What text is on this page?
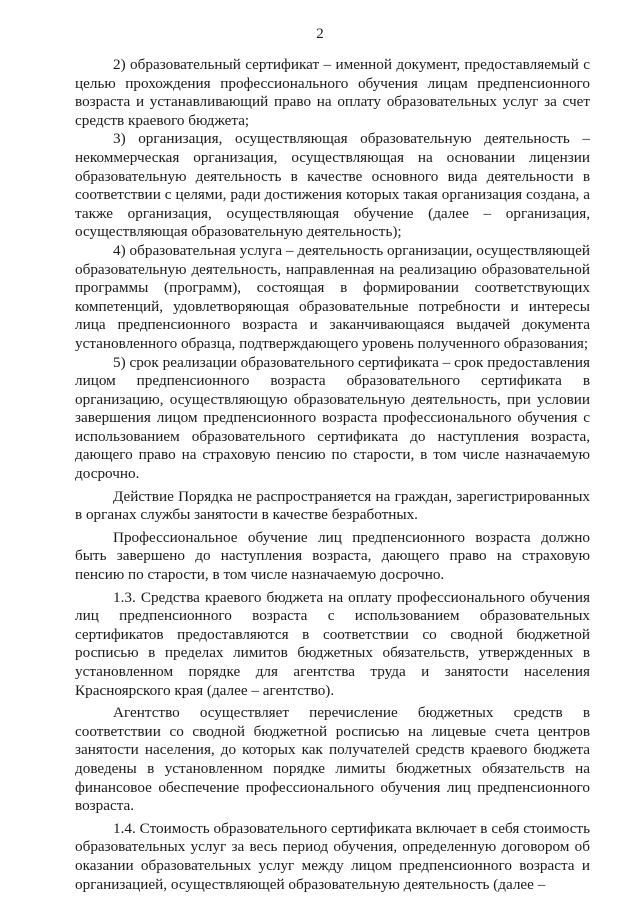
2

2) образовательный сертификат – именной документ, предоставляемый с целью прохождения профессионального обучения лицам предпенсионного возраста и устанавливающий право на оплату образовательных услуг за счет средств краевого бюджета;

3) организация, осуществляющая образовательную деятельность – некоммерческая организация, осуществляющая на основании лицензии образовательную деятельность в качестве основного вида деятельности в соответствии с целями, ради достижения которых такая организация создана, а также организация, осуществляющая обучение (далее – организация, осуществляющая образовательную деятельность);

4) образовательная услуга – деятельность организации, осуществляющей образовательную деятельность, направленная на реализацию образовательной программы (программ), состоящая в формировании соответствующих компетенций, удовлетворяющая образовательные потребности и интересы лица предпенсионного возраста и заканчивающаяся выдачей документа установленного образца, подтверждающего уровень полученного образования;

5) срок реализации образовательного сертификата – срок предоставления лицом предпенсионного возраста образовательного сертификата в организацию, осуществляющую образовательную деятельность, при условии завершения лицом предпенсионного возраста профессионального обучения с использованием образовательного сертификата до наступления возраста, дающего право на страховую пенсию по старости, в том числе назначаемую досрочно.

Действие Порядка не распространяется на граждан, зарегистрированных в органах службы занятости в качестве безработных.

Профессиональное обучение лиц предпенсионного возраста должно быть завершено до наступления возраста, дающего право на страховую пенсию по старости, в том числе назначаемую досрочно.

1.3. Средства краевого бюджета на оплату профессионального обучения лиц предпенсионного возраста с использованием образовательных сертификатов предоставляются в соответствии со сводной бюджетной росписью в пределах лимитов бюджетных обязательств, утвержденных в установленном порядке для агентства труда и занятости населения Красноярского края (далее – агентство).

Агентство осуществляет перечисление бюджетных средств в соответствии со сводной бюджетной росписью на лицевые счета центров занятости населения, до которых как получателей средств краевого бюджета доведены в установленном порядке лимиты бюджетных обязательств на финансовое обеспечение профессионального обучения лиц предпенсионного возраста.

1.4. Стоимость образовательного сертификата включает в себя стоимость образовательных услуг за весь период обучения, определенную договором об оказании образовательных услуг между лицом предпенсионного возраста и организацией, осуществляющей образовательную деятельность (далее –
